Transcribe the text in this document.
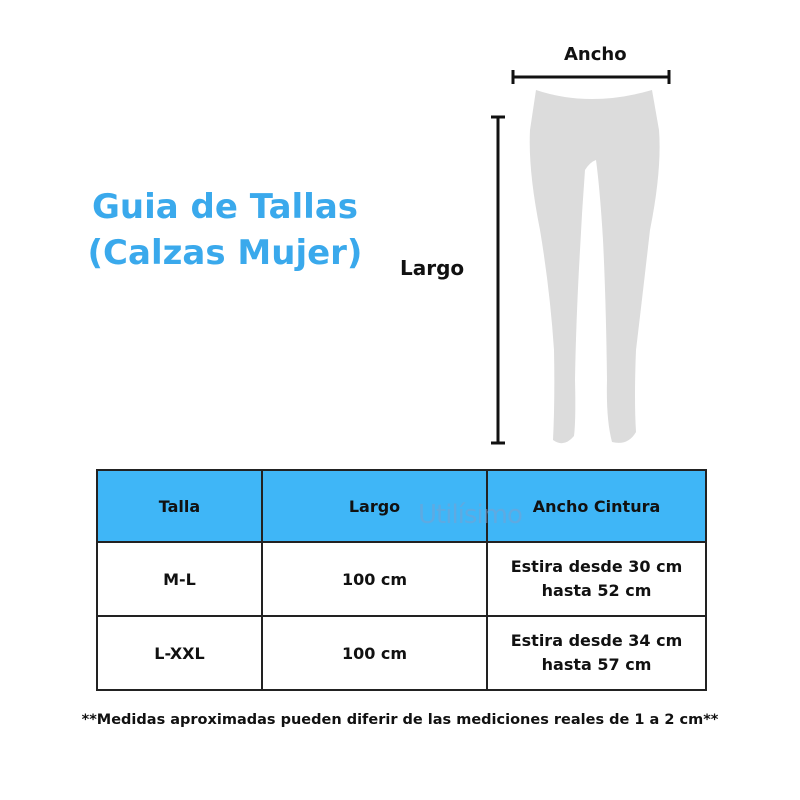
Guia de Tallas
(Calzas Mujer)
Ancho
Largo
Talla	Largo	Ancho Cintura
M-L	100 cm	Estira desde 30 cm
hasta 52 cm

L-XXL	100 cm	Estira desde 34 cm
hasta 57 cm
Utilísimo
**Medidas aproximadas pueden diferir de las mediciones reales de 1 a 2 cm**
